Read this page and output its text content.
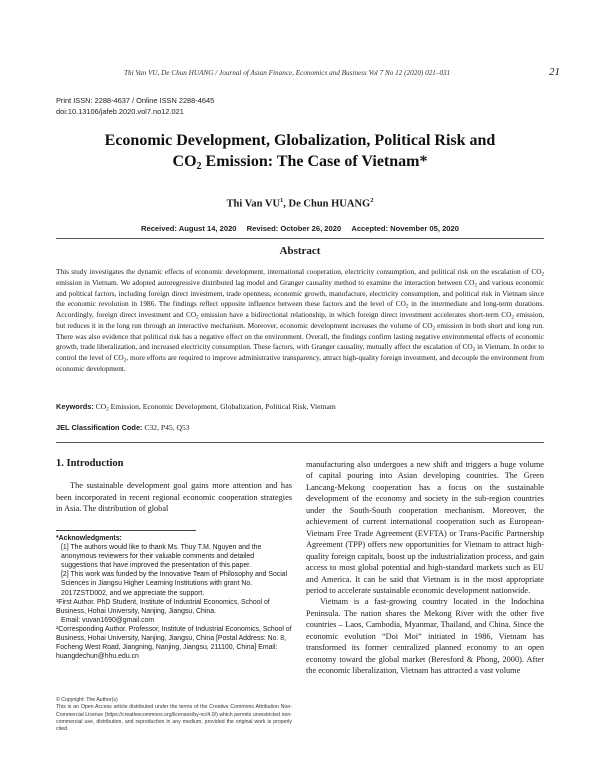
Thi Van VU, De Chun HUANG / Journal of Asian Finance, Economics and Business Vol 7 No 12 (2020) 021–031	21
Print ISSN: 2288-4637 / Online ISSN 2288-4645
doi:10.13106/jafeb.2020.vol7.no12.021
Economic Development, Globalization, Political Risk and
$CO_2$ Emission: The Case of Vietnam*
Thi Van $VU^1$, De Chun HUANG$^2$
Received: August 14, 2020 Revised: October 26, 2020 Accepted: November 05, 2020
Abstract
This study investigates the dynamic effects of economic development, international cooperation, electricity consumption, and political risk on the escalation of $CO_2$ emission in Vietnam. We adopted autoregressive distributed lag model and Granger causality method to examine the interaction between $CO_2$ and various economic and political factors, including foreign direct investment, trade openness, economic growth, manufacture, electricity consumption, and political risk in Vietnam since the economic revolution in 1986. The findings reflect opposite influence between these factors and the level of $CO_2$ in the intermediate and long-term durations. Accordingly, foreign direct investment and $CO_2$ emission have a bidirectional relationship, in which foreign direct investment accelerates short-term $CO_2$ emission, but reduces it in the long run through an interactive mechanism. Moreover, economic development increases the volume of $CO_2$ emission in both short and long run. There was also evidence that political risk has a negative effect on the environment. Overall, the findings confirm lasting negative environmental effects of economic growth, trade liberalization, and increased electricity consumption. These factors, with Granger causality, mutually affect the escalation of $CO_2$ in Vietnam. In order to control the level of $CO_2$, more efforts are required to improve administrative transparency, attract high-quality foreign investment, and decouple the environment from economic development.
Keywords: $CO_2$ Emission, Economic Development, Globalization, Political Risk, Vietnam
JEL Classification Code: C32, P45, Q53
1. Introduction
The sustainable development goal gains more attention and has been incorporated in recent regional economic cooperation strategies in Asia. The distribution of global

*Acknowledgments:

[1] The authors would like to thank Ms. Thuy T.M. Nguyen and the anonymous reviewers for their valuable comments and detailed suggestions that have improved the presentation of this paper.

[2] This work was funded by the Innovative Team of Philosophy and Social Sciences in Jiangsu Higher Learning Institutions with grant No. 2017ZSTD002, and we appreciate the support.

¹First Author. PhD Student, Institute of Industrial Economics, School of Business, Hohai University, Nanjing, Jiangsu, China.

Email: vuvan1690@gmail.com

²Corresponding Author. Professor, Institute of Industrial Economics, School of Business, Hohai University, Nanjing, Jiangsu, China [Postal Address: No. 8, Focheng West Road, Jiangning, Nanjing, Jiangsu, 211100, China] Email: huangdechun@hhu.edu.cn

© Copyright: The Author(s)
This is an Open Access article distributed under the terms of the Creative Commons Attribution Non-Commercial License (https://creativecommons.org/licenses/by-nc/4.0/) which permits unrestricted non-commercial use, distribution, and reproduction in any medium, provided the original work is properly cited.

manufacturing also undergoes a new shift and triggers a huge volume of capital pouring into Asian developing countries. The Green Lancang-Mekong cooperation has a focus on the sustainable development of the economy and society in the sub-region countries under the South-South cooperation mechanism. Moreover, the achievement of current international cooperation such as European-Vietnam Free Trade Agreement (EVFTA) or Trans-Pacific Partnership Agreement (TPP) offers new opportunities for Vietnam to attract high-quality foreign capitals, boost up the industrialization process, and gain access to most global potential and high-standard markets such as EU and America. It can be said that Vietnam is in the most appropriate period to accelerate sustainable economic development nationwide.

Vietnam is a fast-growing country located in the Indochina Peninsula. The nation shares the Mekong River with the other five countries – Laos, Cambodia, Myanmar, Thailand, and China. Since the economic evolution “Doi Moi” initiated in 1986, Vietnam has transformed its former centralized planned economy to an open economy toward the global market (Beresford & Phong, 2000). After the economic liberalization, Vietnam has attracted a vast volume
